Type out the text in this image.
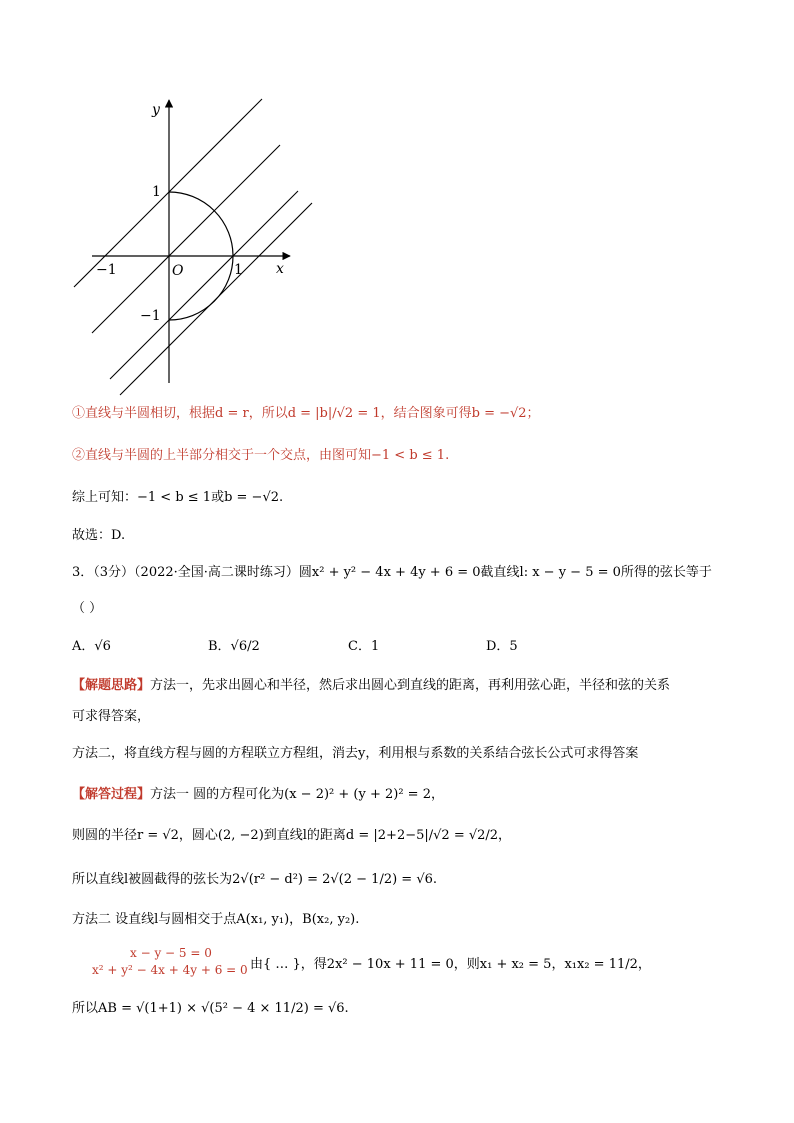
y
x
O
1
−1
1
−1
①直线与半圆相切，根据d = r，所以d = |b|/√2 = 1，结合图象可得b = −√2；
②直线与半圆的上半部分相交于一个交点，由图可知−1 < b ≤ 1.
综上可知：−1 < b ≤ 1或b = −√2.
故选：D.
3．（3分）（2022·全国·高二课时练习）圆x² + y² − 4x + 4y + 6 = 0截直线l: x − y − 5 = 0所得的弦长等于
（ ）
A．√6	B．√6/2	C．1	D．5
【解题思路】方法一，先求出圆心和半径，然后求出圆心到直线的距离，再利用弦心距，半径和弦的关系
可求得答案，
方法二，将直线方程与圆的方程联立方程组，消去y，利用根与系数的关系结合弦长公式可求得答案
【解答过程】方法一 圆的方程可化为(x − 2)² + (y + 2)² = 2，
则圆的半径r = √2，圆心(2, −2)到直线l的距离d = |2+2−5|/√2 = √2/2，
所以直线l被圆截得的弦长为2√(r² − d²) = 2√(2 − 1/2) = √6.
方法二 设直线l与圆相交于点A(x₁, y₁)，B(x₂, y₂).
x − y − 5 = 0
x² + y² − 4x + 4y + 6 = 0 由{ … }，得2x² − 10x + 11 = 0，则x₁ + x₂ = 5，x₁x₂ = 11/2，
所以AB = √(1+1) × √(5² − 4 × 11/2) = √6.
